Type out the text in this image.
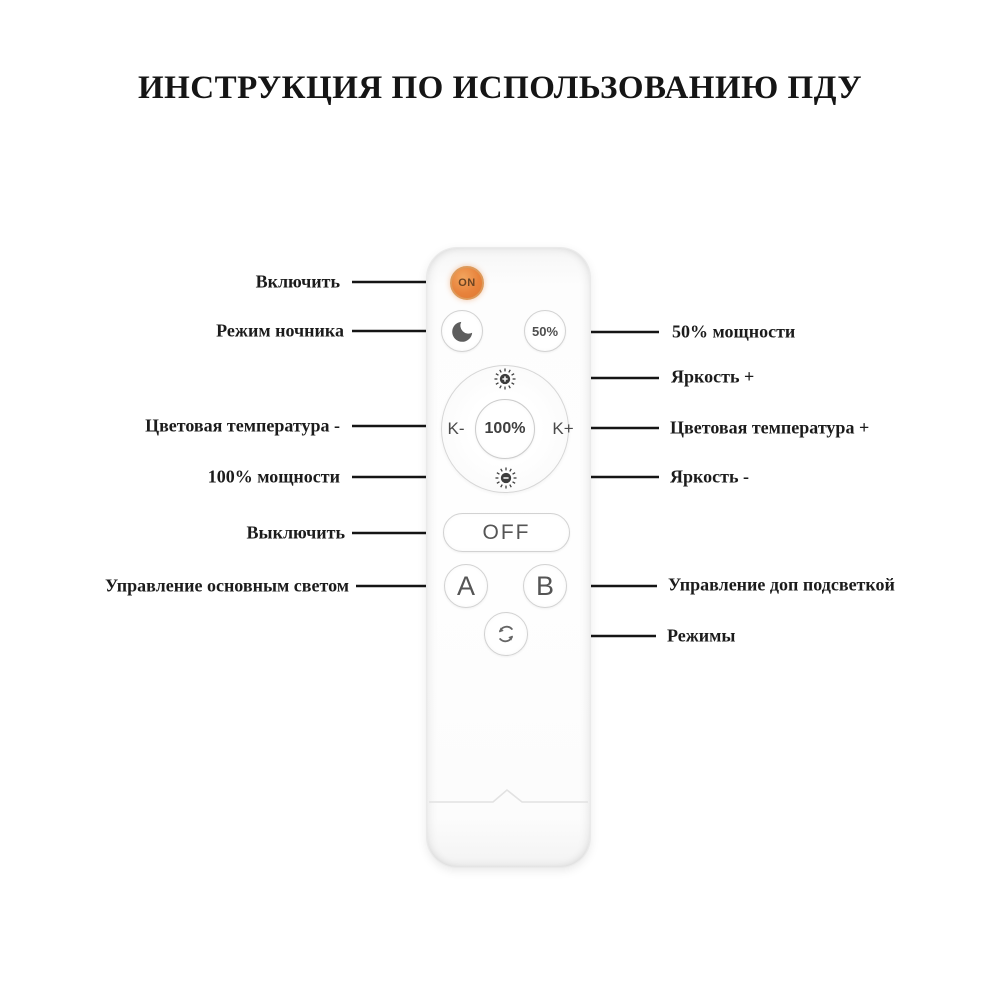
ИНСТРУКЦИЯ ПО ИСПОЛЬЗОВАНИЮ ПДУ
Включить
Режим ночника
Цветовая температура -
100% мощности
Выключить
Управление основным светом
50% мощности
Яркость +
Цветовая температура +
Яркость -
Управление доп подсветкой
Режимы
ON
50%
K-	100%	K+
OFF
A	B
